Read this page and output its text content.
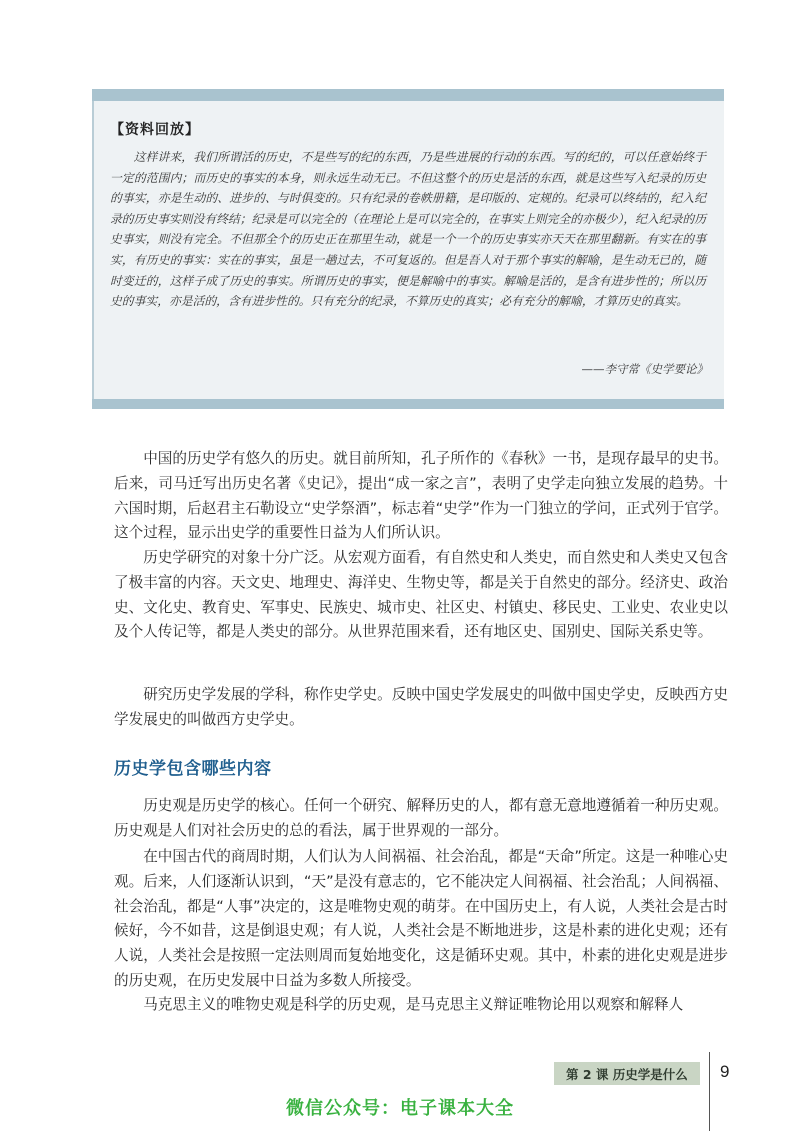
【资料回放】

这样讲来，我们所谓活的历史，不是些写的纪的东西，乃是些进展的行动的东西。写的纪的，可以任意始终于一定的范围内；而历史的事实的本身，则永远生动无已。不但这整个的历史是活的东西，就是这些写入纪录的历史的事实，亦是生动的、进步的、与时俱变的。只有纪录的卷帙册籍，是印版的、定规的。纪录可以终结的，纪入纪录的历史事实则没有终结；纪录是可以完全的（在理论上是可以完全的，在事实上则完全的亦极少），纪入纪录的历史事实，则没有完全。不但那全个的历史正在那里生动，就是一个一个的历史事实亦天天在那里翻新。有实在的事实，有历史的事实：实在的事实，虽是一趟过去，不可复返的。但是吾人对于那个事实的解喻，是生动无已的，随时变迁的，这样子成了历史的事实。所谓历史的事实，便是解喻中的事实。解喻是活的，是含有进步性的；所以历史的事实，亦是活的，含有进步性的。只有充分的纪录，不算历史的真实；必有充分的解喻，才算历史的真实。

——李守常《史学要论》

中国的历史学有悠久的历史。就目前所知，孔子所作的《春秋》一书，是现存最早的史书。后来，司马迁写出历史名著《史记》，提出“成一家之言”，表明了史学走向独立发展的趋势。十六国时期，后赵君主石勒设立“史学祭酒”，标志着“史学”作为一门独立的学问，正式列于官学。这个过程，显示出史学的重要性日益为人们所认识。

历史学研究的对象十分广泛。从宏观方面看，有自然史和人类史，而自然史和人类史又包含了极丰富的内容。天文史、地理史、海洋史、生物史等，都是关于自然史的部分。经济史、政治史、文化史、教育史、军事史、民族史、城市史、社区史、村镇史、移民史、工业史、农业史以及个人传记等，都是人类史的部分。从世界范围来看，还有地区史、国别史、国际关系史等。

研究历史学发展的学科，称作史学史。反映中国史学发展史的叫做中国史学史，反映西方史学发展史的叫做西方史学史。

历史学包含哪些内容

历史观是历史学的核心。任何一个研究、解释历史的人，都有意无意地遵循着一种历史观。历史观是人们对社会历史的总的看法，属于世界观的一部分。

在中国古代的商周时期，人们认为人间祸福、社会治乱，都是“天命”所定。这是一种唯心史观。后来，人们逐渐认识到，“天”是没有意志的，它不能决定人间祸福、社会治乱；人间祸福、社会治乱，都是“人事”决定的，这是唯物史观的萌芽。在中国历史上，有人说，人类社会是古时候好，今不如昔，这是倒退史观；有人说，人类社会是不断地进步，这是朴素的进化史观；还有人说，人类社会是按照一定法则周而复始地变化，这是循环史观。其中，朴素的进化史观是进步的历史观，在历史发展中日益为多数人所接受。

马克思主义的唯物史观是科学的历史观，是马克思主义辩证唯物论用以观察和解释人

第 2 课 历史学是什么 9
微信公众号：电子课本大全
